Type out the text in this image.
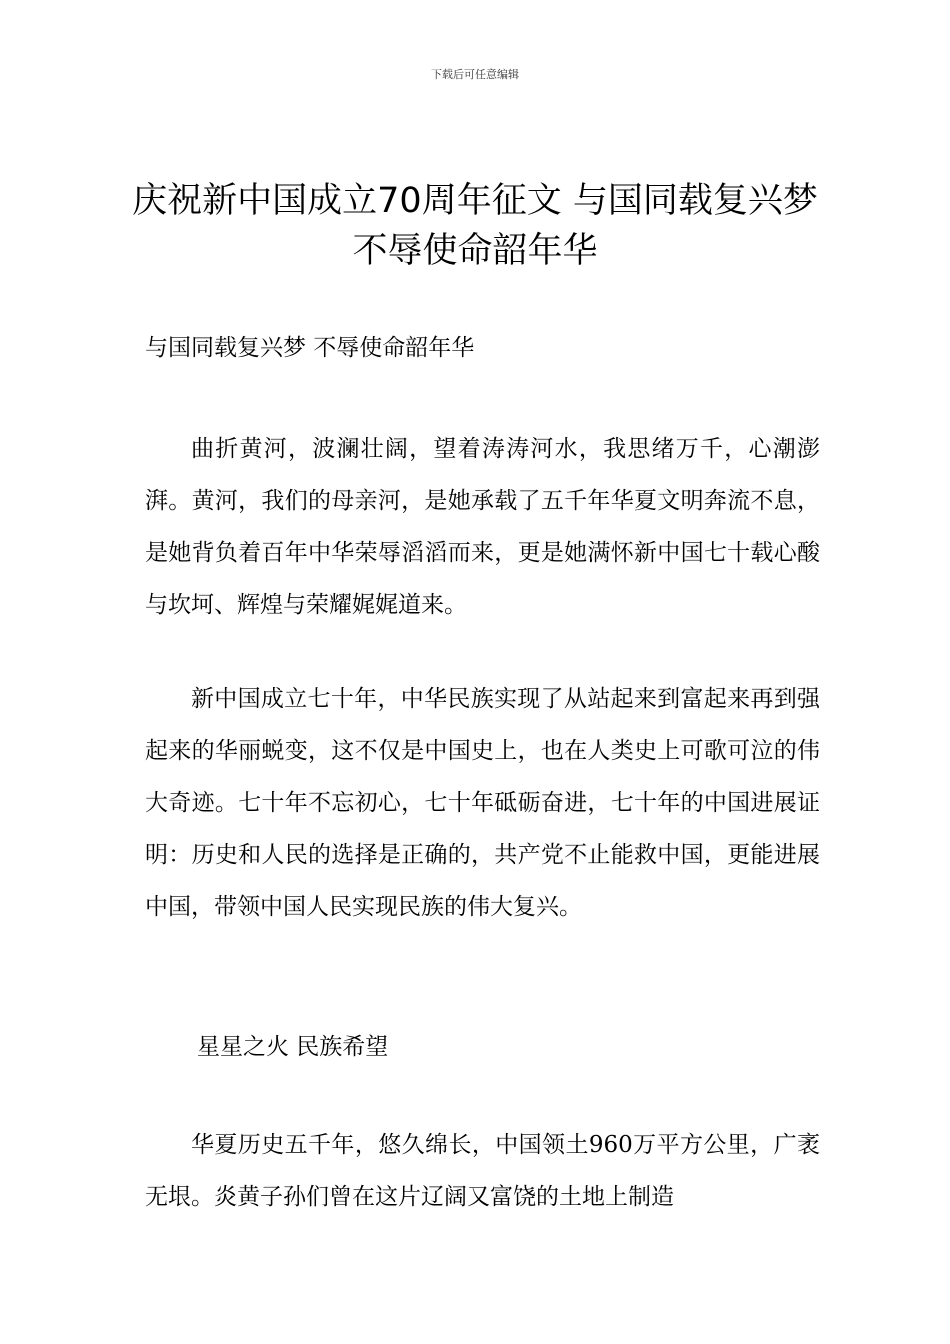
下载后可任意编辑
庆祝新中国成立70周年征文 与国同载复兴梦 不辱使命韶年华

与国同载复兴梦 不辱使命韶年华

曲折黄河，波澜壮阔，望着涛涛河水，我思绪万千，心潮澎湃。黄河，我们的母亲河，是她承载了五千年华夏文明奔流不息，是她背负着百年中华荣辱滔滔而来，更是她满怀新中国七十载心酸与坎坷、辉煌与荣耀娓娓道来。

新中国成立七十年，中华民族实现了从站起来到富起来再到强起来的华丽蜕变，这不仅是中国史上，也在人类史上可歌可泣的伟大奇迹。七十年不忘初心，七十年砥砺奋进，七十年的中国进展证明：历史和人民的选择是正确的，共产党不止能救中国，更能进展中国，带领中国人民实现民族的伟大复兴。

星星之火 民族希望

华夏历史五千年，悠久绵长，中国领土960万平方公里，广袤无垠。炎黄子孙们曾在这片辽阔又富饶的土地上制造
